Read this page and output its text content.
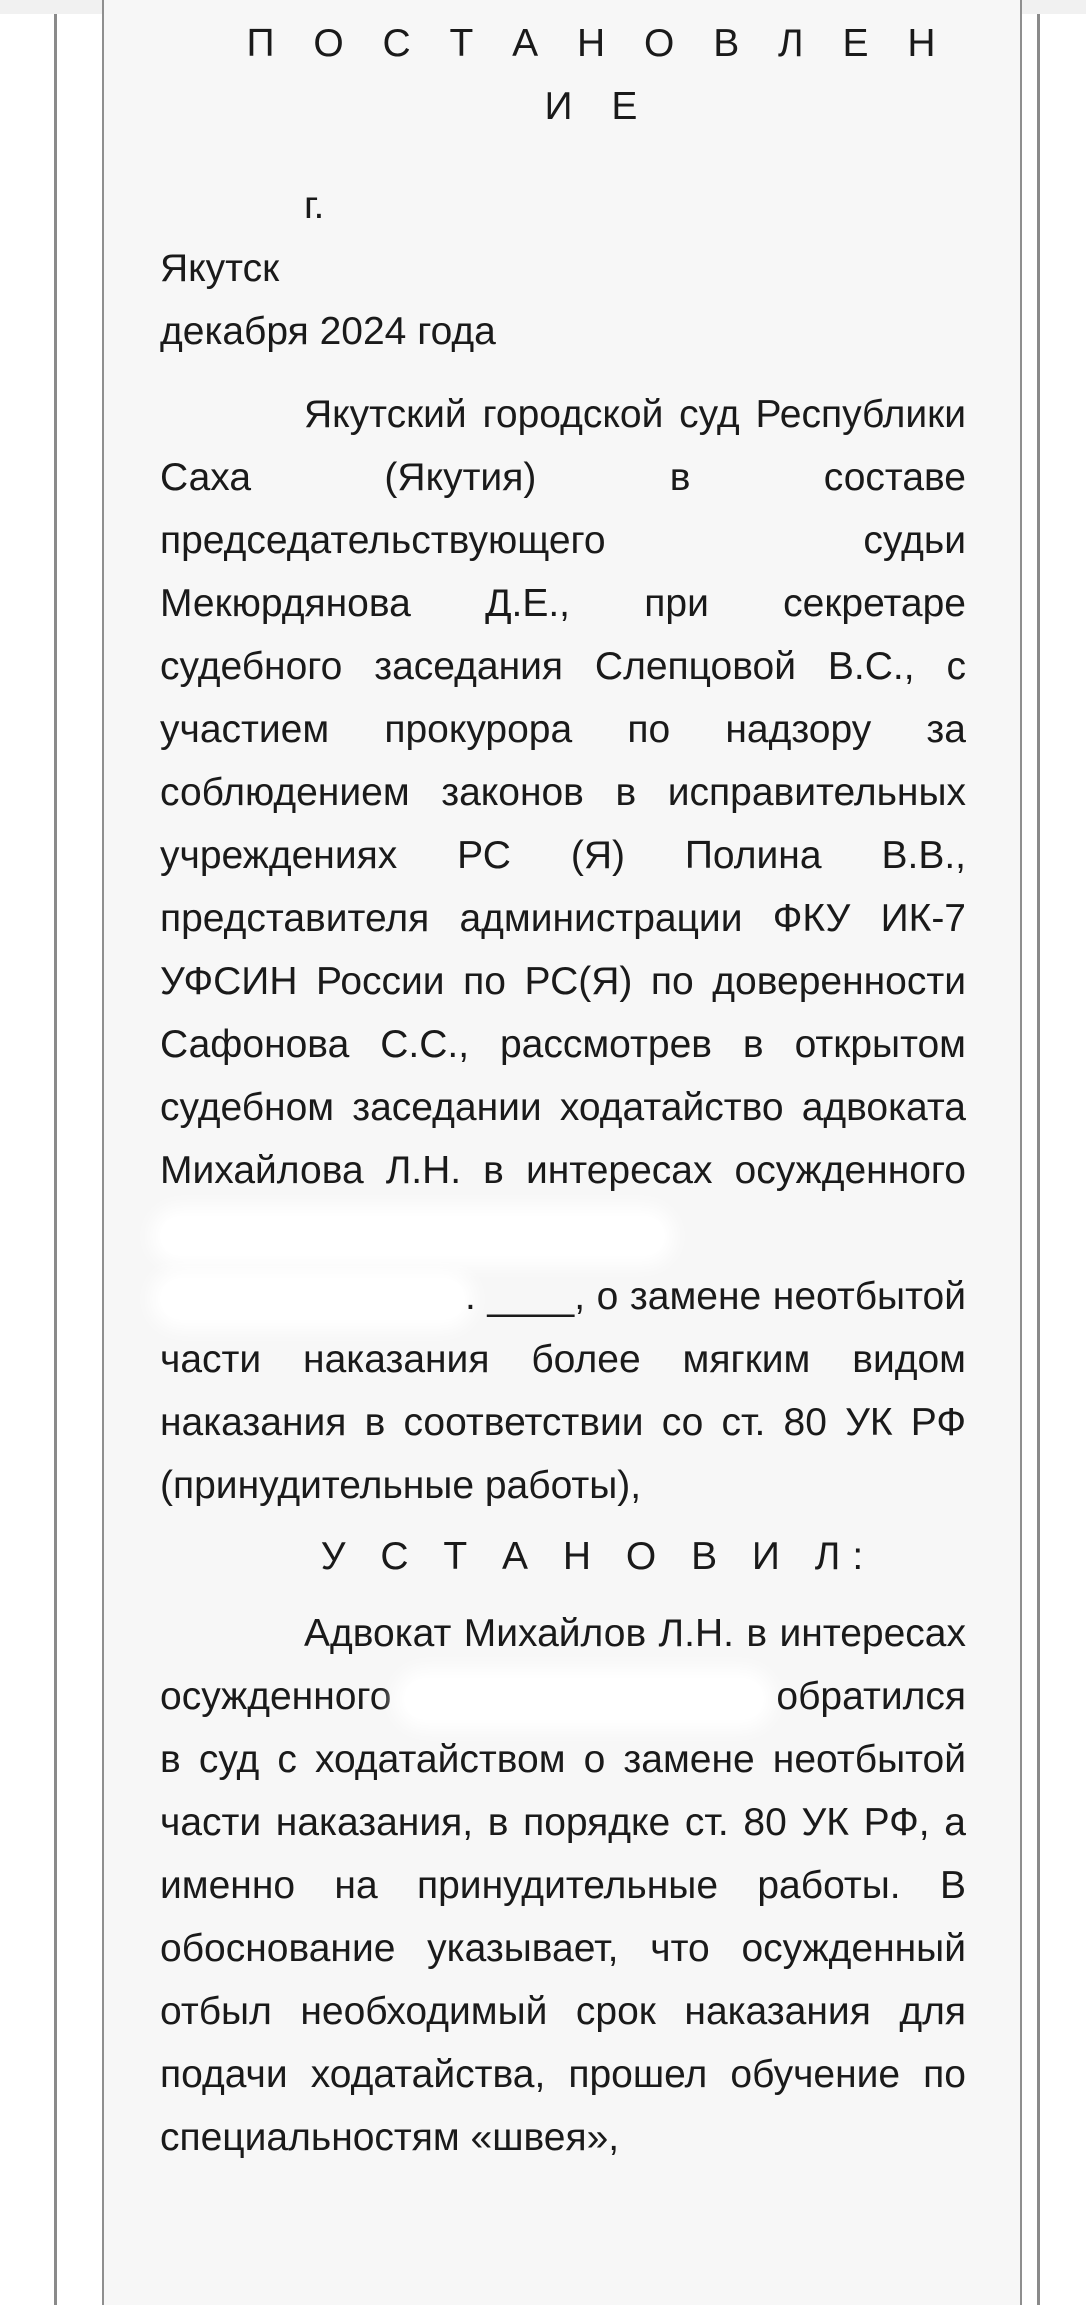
П О С Т А Н О В Л Е Н И Е

г.

Якутск

декабря 2024 года

Якутский городской суд Республики Саха (Якутия) в составе председательствующего судьи Мекюрдянова Д.Е., при секретаре судебного заседания Слепцовой В.С., с участием прокурора по надзору за соблюдением законов в исправительных учреждениях РС (Я) Полина В.В., представителя администрации ФКУ ИК-7 УФСИН России по РС(Я) по доверенности Сафонова С.С., рассмотрев в открытом судебном заседании ходатайство адвоката Михайлова Л.Н. в интересах осужденного  . ____, о замене неотбытой части наказания более мягким видом наказания в соответствии со ст. 80 УК РФ (принудительные работы),

У С Т А Н О В И Л:

Адвокат Михайлов Л.Н. в интересах осужденного	обратился в суд с ходатайством о замене неотбытой части наказания, в порядке ст. 80 УК РФ, а именно на принудительные работы. В обоснование указывает, что осужденный отбыл необходимый срок наказания для подачи ходатайства, прошел обучение по специальностям «швея»,
